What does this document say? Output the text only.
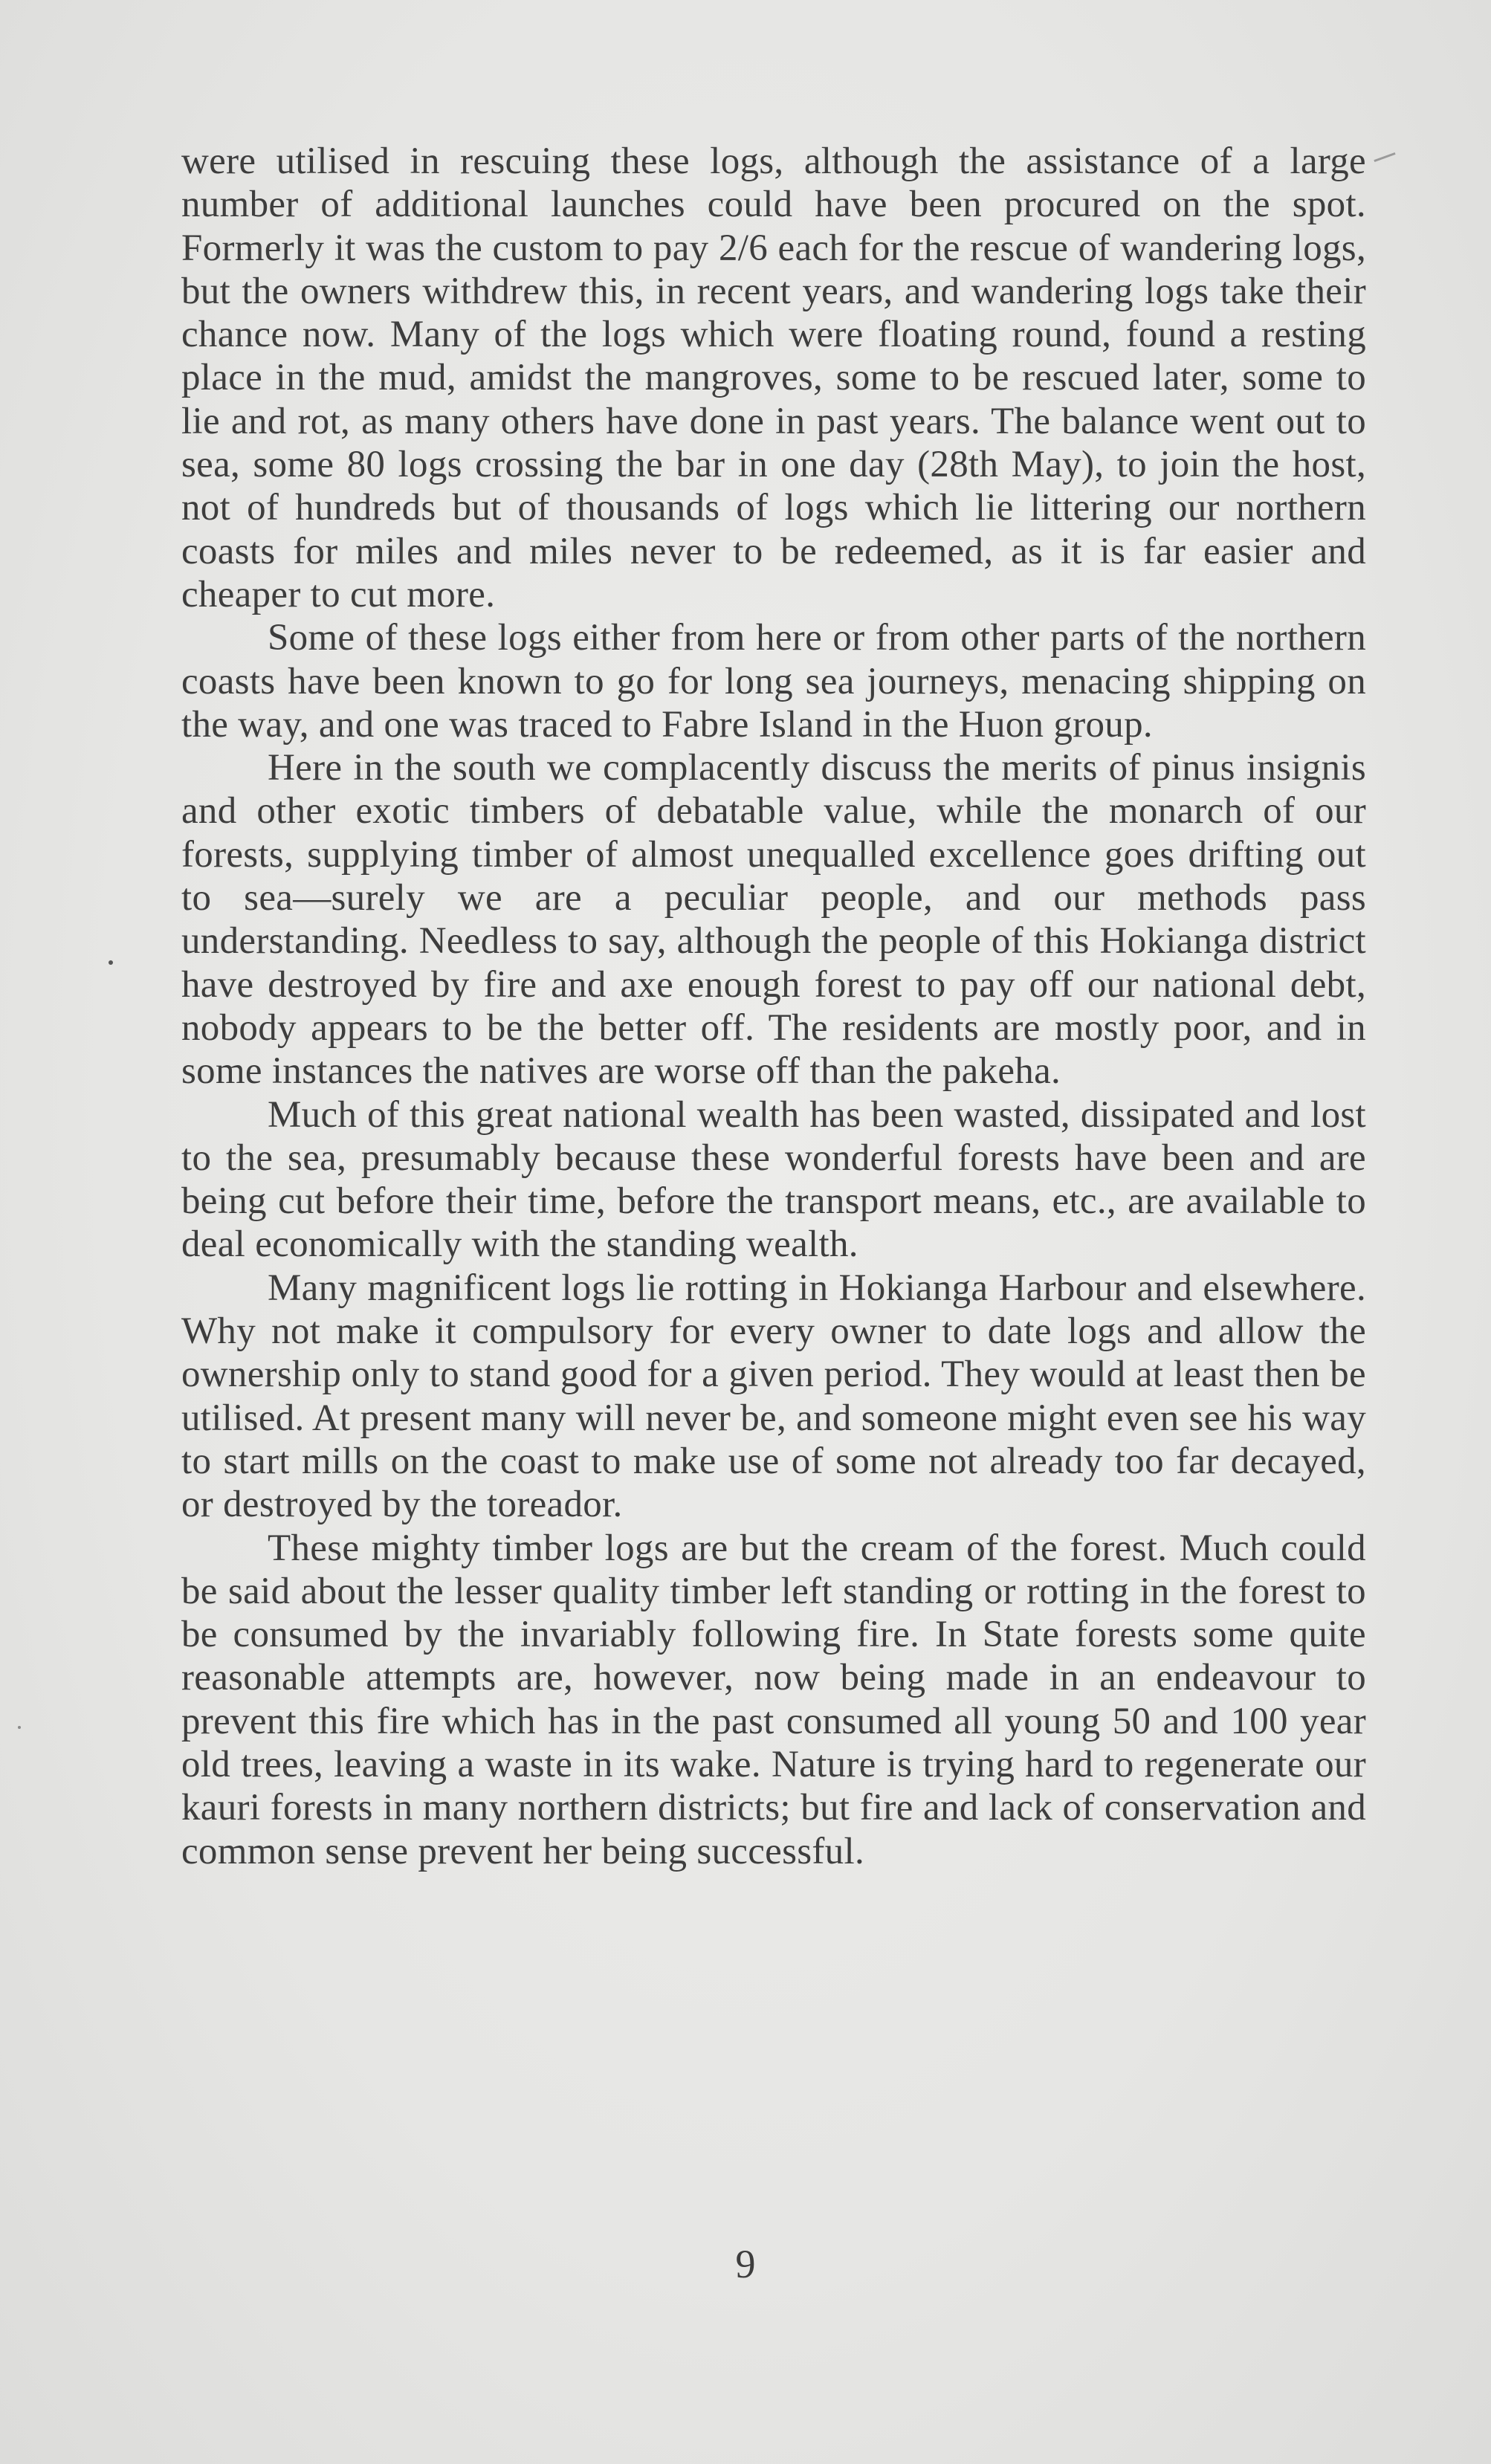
were utilised in rescuing these logs, although the assistance of a large number of additional launches could have been procured on the spot. Formerly it was the custom to pay 2/6 each for the rescue of wandering logs, but the owners withdrew this, in recent years, and wandering logs take their chance now. Many of the logs which were floating round, found a resting place in the mud, amidst the mangroves, some to be rescued later, some to lie and rot, as many others have done in past years. The balance went out to sea, some 80 logs crossing the bar in one day (28th May), to join the host, not of hundreds but of thousands of logs which lie littering our northern coasts for miles and miles never to be redeemed, as it is far easier and cheaper to cut more.

Some of these logs either from here or from other parts of the northern coasts have been known to go for long sea journeys, menacing shipping on the way, and one was traced to Fabre Island in the Huon group.

Here in the south we complacently discuss the merits of pinus insignis and other exotic timbers of debatable value, while the monarch of our forests, supplying timber of almost unequalled excellence goes drifting out to sea—surely we are a peculiar people, and our methods pass understanding. Needless to say, although the people of this Hokianga district have destroyed by fire and axe enough forest to pay off our national debt, nobody appears to be the better off. The residents are mostly poor, and in some instances the natives are worse off than the pakeha.

Much of this great national wealth has been wasted, dissipated and lost to the sea, presumably because these wonderful forests have been and are being cut before their time, before the transport means, etc., are available to deal economically with the standing wealth.

Many magnificent logs lie rotting in Hokianga Harbour and elsewhere. Why not make it compulsory for every owner to date logs and allow the ownership only to stand good for a given period. They would at least then be utilised. At present many will never be, and someone might even see his way to start mills on the coast to make use of some not already too far decayed, or destroyed by the toreador.

These mighty timber logs are but the cream of the forest. Much could be said about the lesser quality timber left standing or rotting in the forest to be consumed by the invariably following fire. In State forests some quite reasonable attempts are, however, now being made in an endeavour to prevent this fire which has in the past consumed all young 50 and 100 year old trees, leaving a waste in its wake. Nature is trying hard to regenerate our kauri forests in many northern districts; but fire and lack of conservation and common sense prevent her being successful.

9
